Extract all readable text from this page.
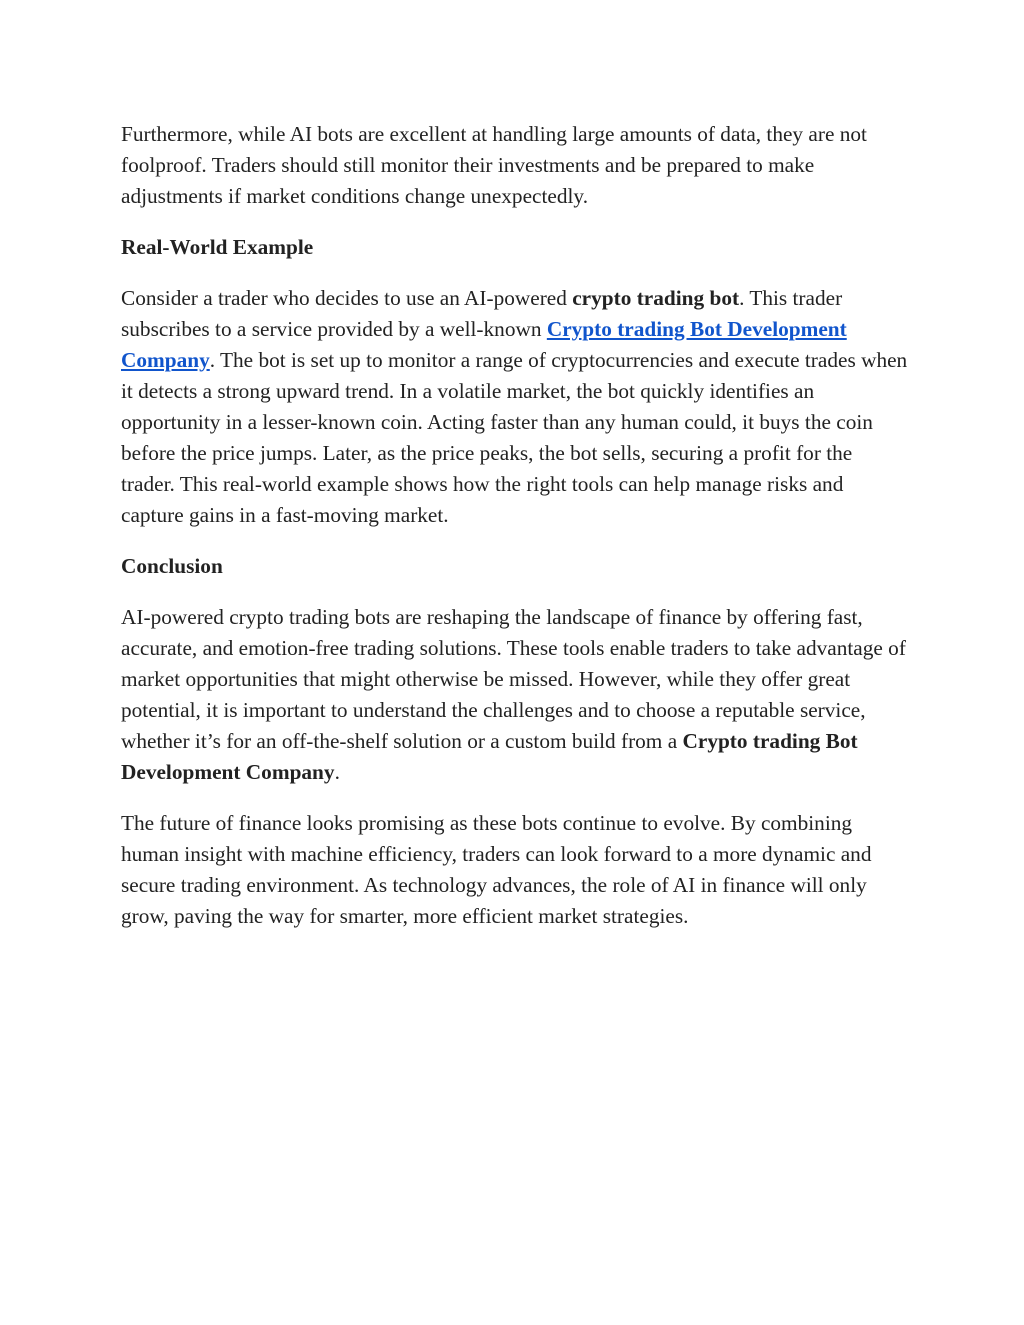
Furthermore, while AI bots are excellent at handling large amounts of data, they are not foolproof. Traders should still monitor their investments and be prepared to make adjustments if market conditions change unexpectedly.

Real-World Example

Consider a trader who decides to use an AI-powered crypto trading bot. This trader subscribes to a service provided by a well-known Crypto trading Bot Development Company. The bot is set up to monitor a range of cryptocurrencies and execute trades when it detects a strong upward trend. In a volatile market, the bot quickly identifies an opportunity in a lesser-known coin. Acting faster than any human could, it buys the coin before the price jumps. Later, as the price peaks, the bot sells, securing a profit for the trader. This real-world example shows how the right tools can help manage risks and capture gains in a fast-moving market.

Conclusion

AI-powered crypto trading bots are reshaping the landscape of finance by offering fast, accurate, and emotion-free trading solutions. These tools enable traders to take advantage of market opportunities that might otherwise be missed. However, while they offer great potential, it is important to understand the challenges and to choose a reputable service, whether it’s for an off-the-shelf solution or a custom build from a Crypto trading Bot Development Company.

The future of finance looks promising as these bots continue to evolve. By combining human insight with machine efficiency, traders can look forward to a more dynamic and secure trading environment. As technology advances, the role of AI in finance will only grow, paving the way for smarter, more efficient market strategies.
